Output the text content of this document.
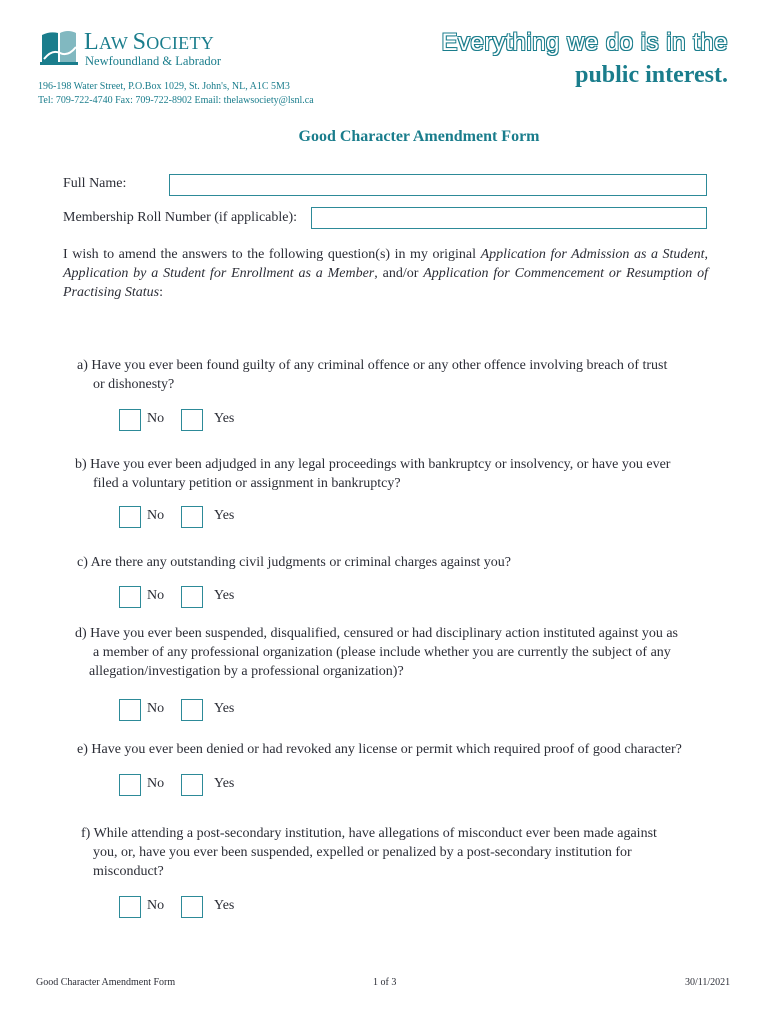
LAW SOCIETY
Newfoundland & Labrador
196-198 Water Street, P.O.Box 1029, St. John's, NL, A1C 5M3
Tel: 709-722-4740 Fax: 709-722-8902 Email: thelawsociety@lsnl.ca
Everything we do is in the
public interest.
Good Character Amendment Form
Full Name:
Membership Roll Number (if applicable):
I wish to amend the answers to the following question(s) in my original Application for Admission as a Student, Application by a Student for Enrollment as a Member, and/or Application for Commencement or Resumption of Practising Status:
a) Have you ever been found guilty of any criminal offence or any other offence involving breach of trust
or dishonesty?
No	Yes
b) Have you ever been adjudged in any legal proceedings with bankruptcy or insolvency, or have you ever
filed a voluntary petition or assignment in bankruptcy?
No	Yes
c) Are there any outstanding civil judgments or criminal charges against you?
No	Yes
d) Have you ever been suspended, disqualified, censured or had disciplinary action instituted against you as
a member of any professional organization (please include whether you are currently the subject of any
allegation/investigation by a professional organization)?
No	Yes
e) Have you ever been denied or had revoked any license or permit which required proof of good character?
No	Yes
f) While attending a post-secondary institution, have allegations of misconduct ever been made against
you, or, have you ever been suspended, expelled or penalized by a post-secondary institution for
misconduct?
No	Yes
Good Character Amendment Form	1 of 3	30/11/2021
